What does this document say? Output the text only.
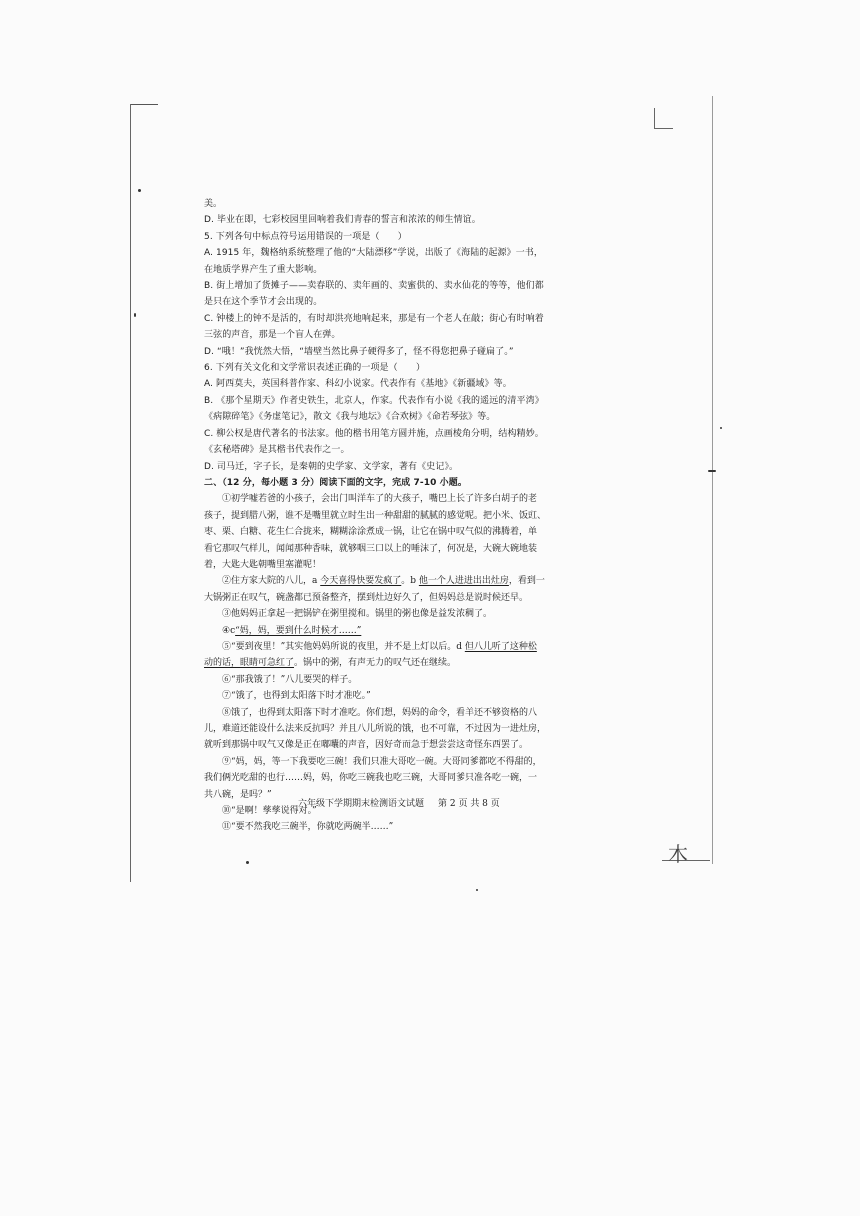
木

美。

D. 毕业在即，七彩校园里回响着我们青春的誓言和浓浓的师生情谊。

5. 下列各句中标点符号运用错误的一项是（　　）

A. 1915 年，魏格纳系统整理了他的“大陆漂移”学说，出版了《海陆的起源》一书，

在地质学界产生了重大影响。

B. 街上增加了货摊子——卖春联的、卖年画的、卖蜜供的、卖水仙花的等等，他们都

是只在这个季节才会出现的。

C. 钟楼上的钟不是活的，有时却洪亮地响起来，那是有一个老人在敲；街心有时响着

三弦的声音，那是一个盲人在弹。

D. “哦！”我恍然大悟，“墙壁当然比鼻子硬得多了，怪不得您把鼻子碰扁了。”

6. 下列有关文化和文学常识表述正确的一项是（　　）

A. 阿西莫夫，英国科普作家、科幻小说家。代表作有《基地》《新疆域》等。

B. 《那个星期天》作者史铁生，北京人，作家。代表作有小说《我的遥远的清平湾》

《病隙碎笔》《务虚笔记》，散文《我与地坛》《合欢树》《命若琴弦》等。

C. 柳公权是唐代著名的书法家。他的楷书用笔方圆并施，点画棱角分明，结构精妙。

《玄秘塔碑》是其楷书代表作之一。

D. 司马迁，字子长，是秦朝的史学家、文学家，著有《史记》。

二、（12 分，每小题 3 分）阅读下面的文字，完成 7-10 小题。

①初学嘘若爸的小孩子，会出门叫洋车了的大孩子，嘴巴上长了许多白胡子的老

孩子，提到腊八粥，谁不是嘴里就立时生出一种甜甜的腻腻的感觉呢。把小米、饭豇、

枣、栗、白糖、花生仁合拢来，糊糊涂涂煮成一锅，让它在锅中叹气似的沸腾着，单

看它那叹气样儿，闻闻那种香味，就够咽三口以上的唾沫了，何况是，大碗大碗地装

着，大匙大匙朝嘴里塞灌呢！

②住方家大院的八儿，a 今天喜得快要发疯了。b 他一个人进进出出灶房，看到一

大锅粥正在叹气，碗盏都已预备整齐，摆到灶边好久了，但妈妈总是说时候还早。

③他妈妈正拿起一把锅铲在粥里搅和。锅里的粥也像是益发浓稠了。

④c“妈，妈，要到什么时候才……”

⑤“要到夜里！”其实他妈妈所说的夜里，并不是上灯以后。d 但八儿听了这种松

动的话，眼睛可急红了。锅中的粥，有声无力的叹气还在继续。

⑥“那我饿了！”八儿要哭的样子。

⑦“饿了，也得到太阳落下时才准吃。”

⑧饿了，也得到太阳落下时才准吃。你们想，妈妈的命令，看羊还不够资格的八

儿，难道还能设什么法来反抗吗？并且八儿所说的饿，也不可靠，不过因为一进灶房，

就听到那锅中叹气又像是正在嘟囔的声音，因好奇而急于想尝尝这奇怪东西罢了。

⑨“妈，妈，等一下我要吃三碗！我们只准大哥吃一碗。大哥同爹都吃不得甜的，

我们俩光吃甜的也行……妈，妈，你吃三碗我也吃三碗，大哥同爹只准各吃一碗，一

共八碗，是吗？”

⑩“是啊！孳孳说得对。”

⑪“要不然我吃三碗半，你就吃两碗半……”

六年级下学期期末检测语文试题 第 2 页 共 8 页
